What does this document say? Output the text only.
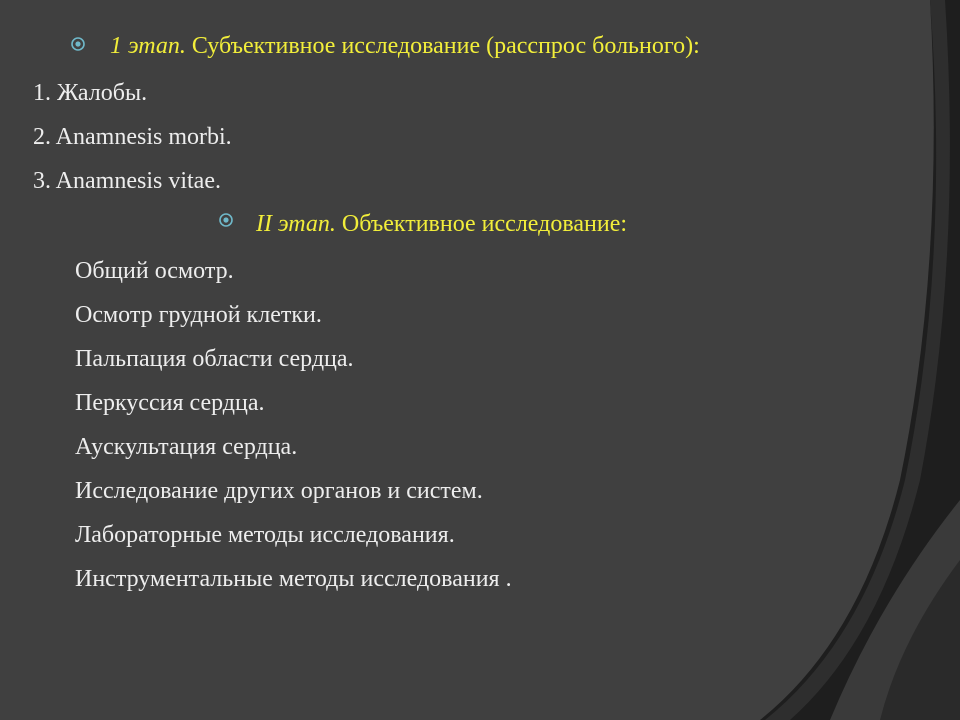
1 этап. Субъективное исследование (расспрос больного):
1. Жалобы.
2. Anamnesis morbi.
3. Anamnesis vitae.
II этап. Объективное исследование:
Общий осмотр.
Осмотр грудной клетки.
Пальпация области сердца.
Перкуссия сердца.
Аускультация сердца.
Исследование других органов и систем.
Лабораторные методы исследования.
Инструментальные методы исследования .
